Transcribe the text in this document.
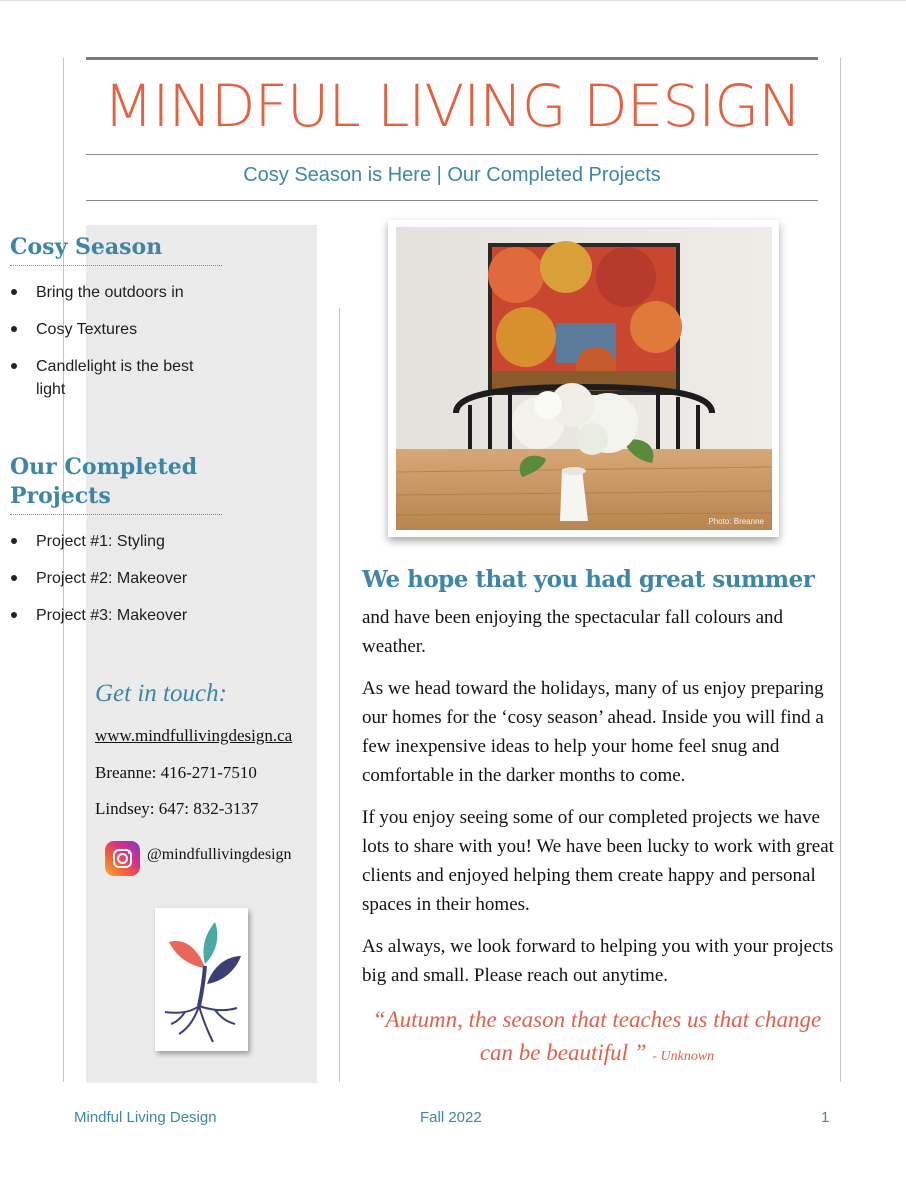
MINDFUL LIVING DESIGN
Cosy Season is Here | Our Completed Projects
Cosy Season
Bring the outdoors in
Cosy Textures
Candlelight is the best light
Our Completed Projects
Project #1: Styling
Project #2: Makeover
Project #3: Makeover
Get in touch:
www.mindfullivingdesign.ca
Breanne: 416-271-7510
Lindsey: 647: 832-3137
@mindfullivingdesign
Photo: Breanne
We hope that you had great summer

and have been enjoying the spectacular fall colours and weather.

As we head toward the holidays, many of us enjoy preparing our homes for the ‘cosy season’ ahead. Inside you will find a few inexpensive ideas to help your home feel snug and comfortable in the darker months to come.

If you enjoy seeing some of our completed projects we have lots to share with you! We have been lucky to work with great clients and enjoyed helping them create happy and personal spaces in their homes.

As always, we look forward to helping you with your projects big and small. Please reach out anytime.

“Autumn, the season that teaches us that change can be beautiful ” - Unknown
Mindful Living Design	Fall 2022	1
